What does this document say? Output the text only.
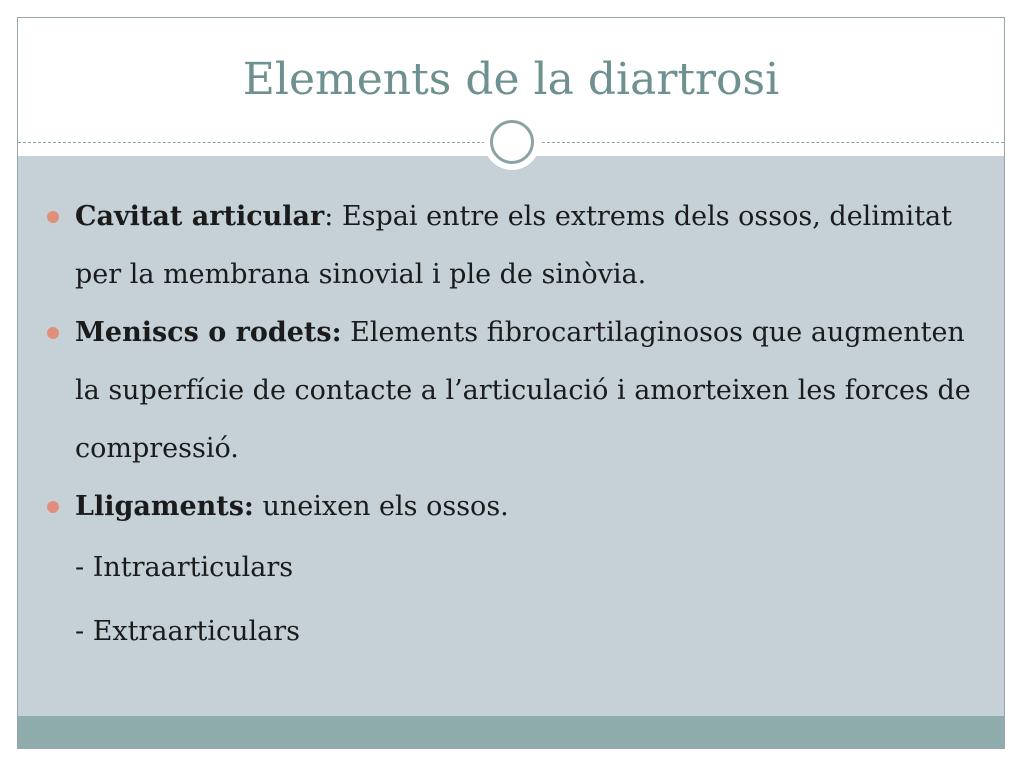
Elements de la diartrosi
Cavitat articular: Espai entre els extrems dels ossos, delimitat per la membrana sinovial i ple de sinòvia.
Meniscs o rodets: Elements fibrocartilaginosos que augmenten la superfície de contacte a l’articulació i amorteixen les forces de compressió.
Lligaments: uneixen els ossos.
- Intraarticulars
- Extraarticulars
